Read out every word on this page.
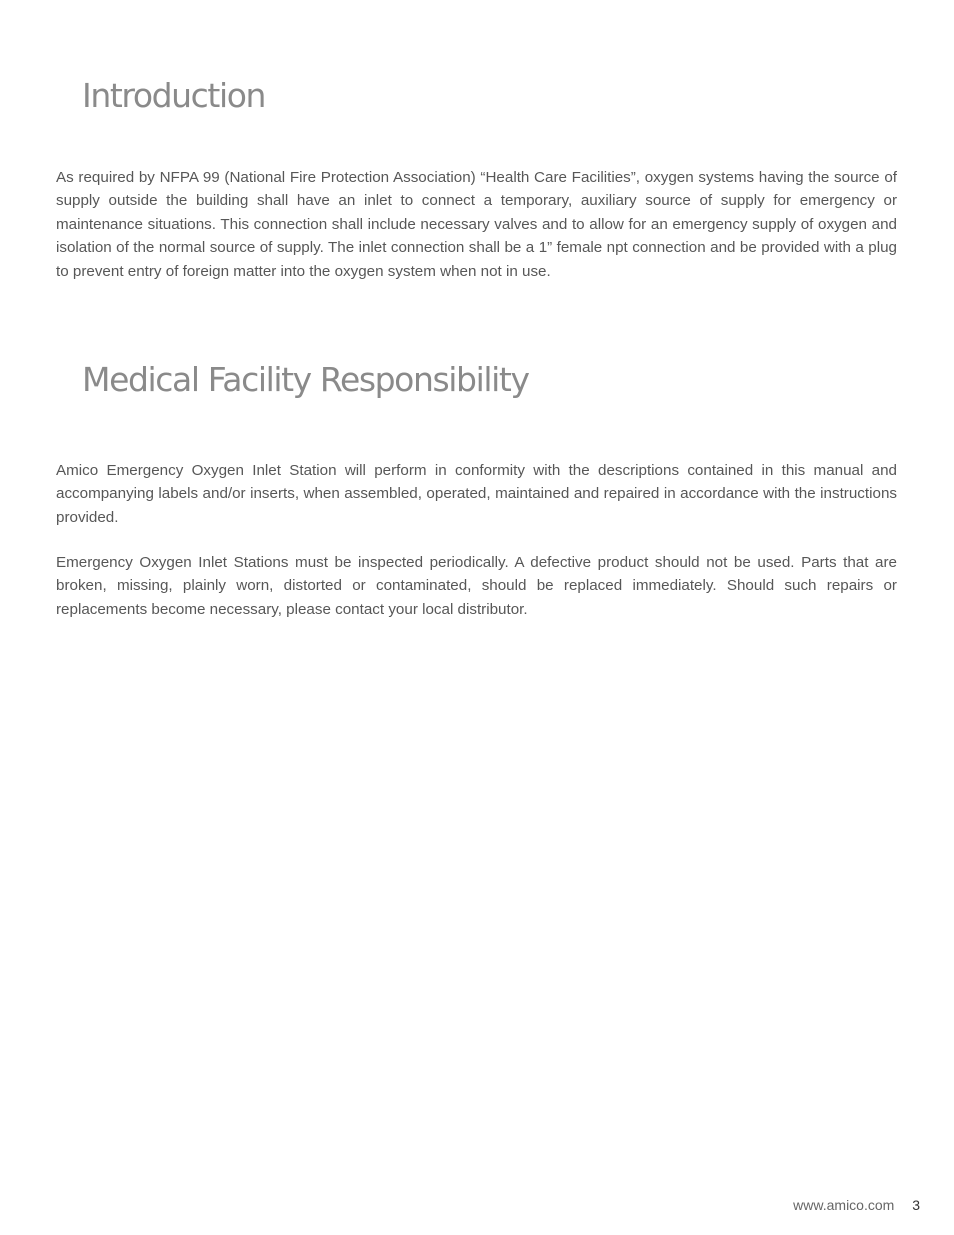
Introduction

As required by NFPA 99 (National Fire Protection Association) “Health Care Facilities”, oxygen systems having the source of supply outside the building shall have an inlet to connect a temporary, auxiliary source of supply for emergency or maintenance situations. This connection shall include necessary valves and to allow for an emergency supply of oxygen and isolation of the normal source of supply. The inlet connection shall be a 1” female npt connection and be provided with a plug to prevent entry of foreign matter into the oxygen system when not in use.

Medical Facility Responsibility

Amico Emergency Oxygen Inlet Station will perform in conformity with the descriptions contained in this manual and accompanying labels and/or inserts, when assembled, operated, maintained and repaired in accordance with the instructions provided.

Emergency Oxygen Inlet Stations must be inspected periodically. A defective product should not be used. Parts that are broken, missing, plainly worn, distorted or contaminated, should be replaced immediately. Should such repairs or replacements become necessary, please contact your local distributor.

www.amico.com 3
